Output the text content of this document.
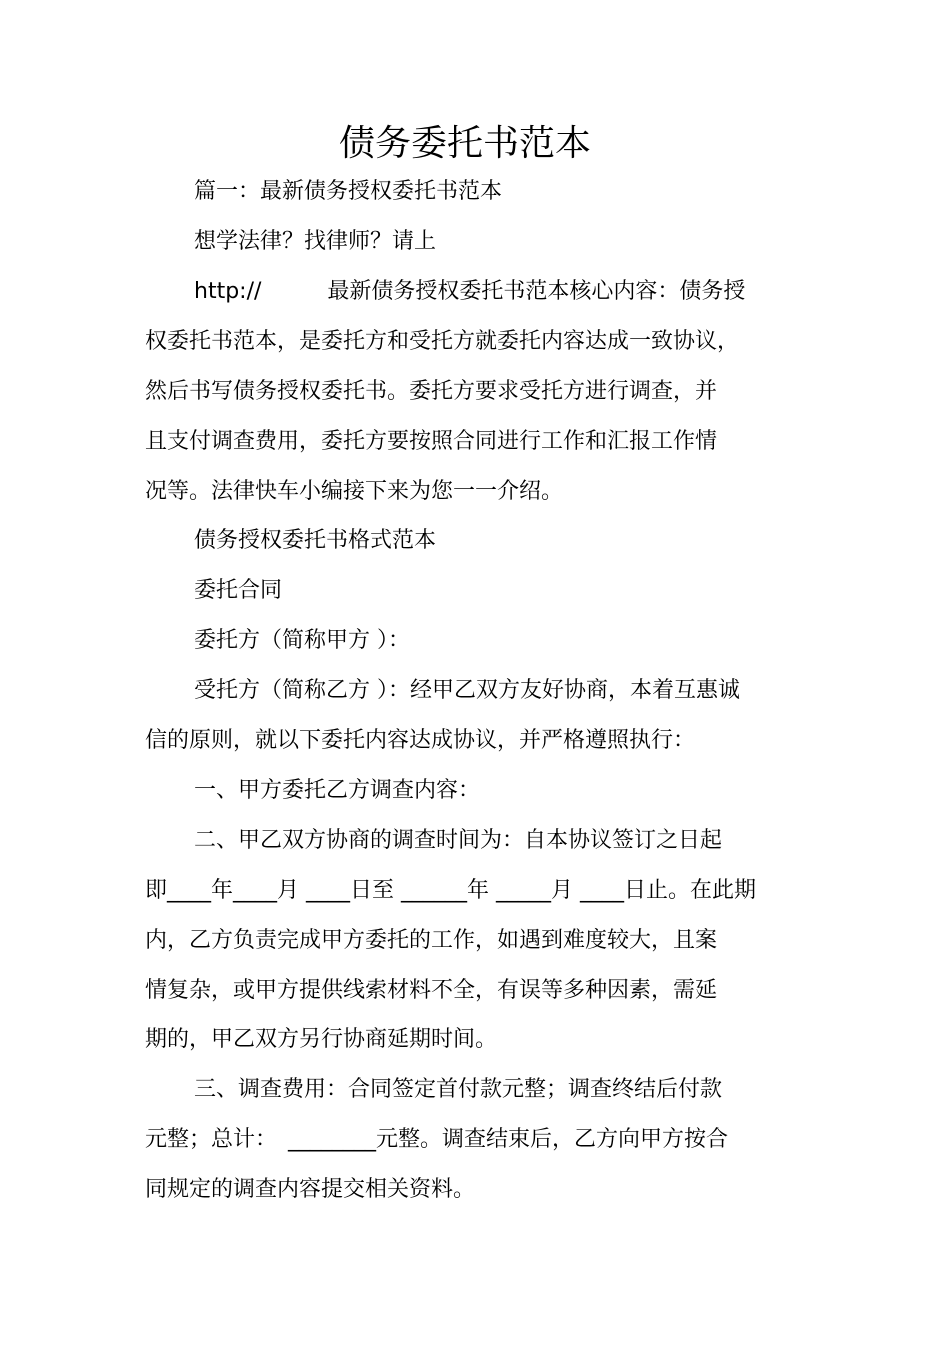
债务委托书范本
篇一：最新债务授权委托书范本
想学法律？找律师？请上
http://　　　最新债务授权委托书范本核心内容：债务授
权委托书范本，是委托方和受托方就委托内容达成一致协议，
然后书写债务授权委托书。委托方要求受托方进行调查，并
且支付调查费用，委托方要按照合同进行工作和汇报工作情
况等。法律快车小编接下来为您一一介绍。
债务授权委托书格式范本
委托合同
委托方（简称甲方 ）：
受托方（简称乙方 ）：经甲乙双方友好协商，本着互惠诚
信的原则，就以下委托内容达成协议，并严格遵照执行：
一、甲方委托乙方调查内容：
二、甲乙双方协商的调查时间为：自本协议签订之日起
即____年____月 ____日至 ______年 _____月 ____日止。在此期
内，乙方负责完成甲方委托的工作，如遇到难度较大，且案
情复杂，或甲方提供线索材料不全，有误等多种因素，需延
期的，甲乙双方另行协商延期时间。
三、调查费用：合同签定首付款元整；调查终结后付款
元整；总计：　________元整。调查结束后，乙方向甲方按合
同规定的调查内容提交相关资料。
